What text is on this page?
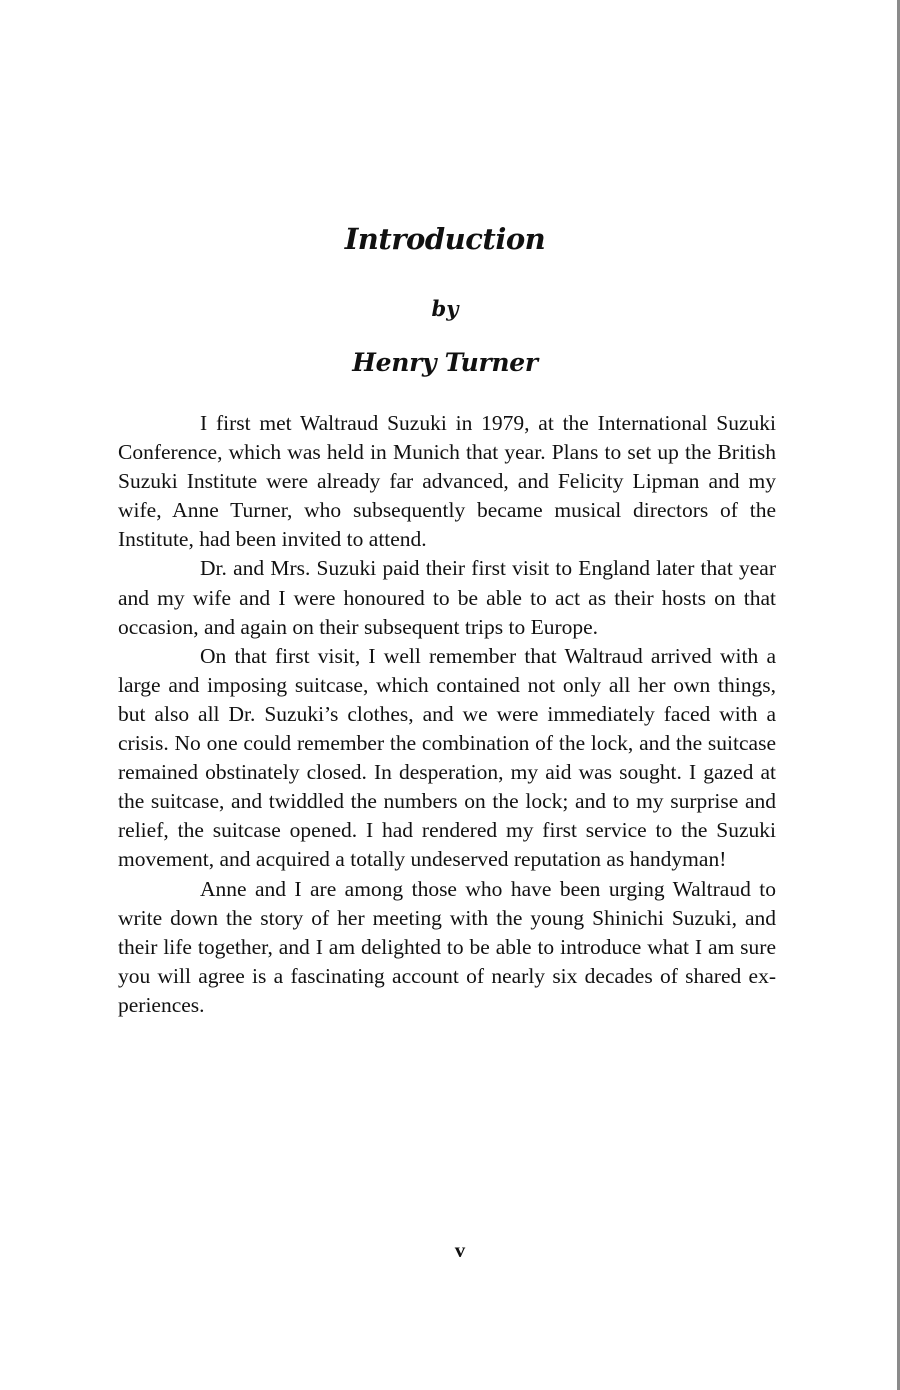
Introduction
by
Henry Turner

I first met Waltraud Suzuki in 1979, at the International Suzuki Conference, which was held in Munich that year. Plans to set up the British Suzuki Institute were already far advanced, and Felicity Lipman and my wife, Anne Turner, who subsequently became musical directors of the Institute, had been invited to attend.

Dr. and Mrs. Suzuki paid their first visit to England later that year and my wife and I were honoured to be able to act as their hosts on that occasion, and again on their subsequent trips to Europe.

On that first visit, I well remember that Waltraud arrived with a large and imposing suitcase, which contained not only all her own things, but also all Dr. Suzuki’s clothes, and we were immediately faced with a crisis. No one could remember the combination of the lock, and the suitcase remained obstinately closed. In desperation, my aid was sought. I gazed at the suitcase, and twiddled the numbers on the lock; and to my surprise and relief, the suitcase opened. I had rendered my first service to the Suzuki movement, and acquired a totally undeserved reputation as handyman!

Anne and I are among those who have been urging Waltraud to write down the story of her meeting with the young Shinichi Suzuki, and their life together, and I am delighted to be able to introduce what I am sure you will agree is a fascinating account of nearly six decades of shared experiences.

v
